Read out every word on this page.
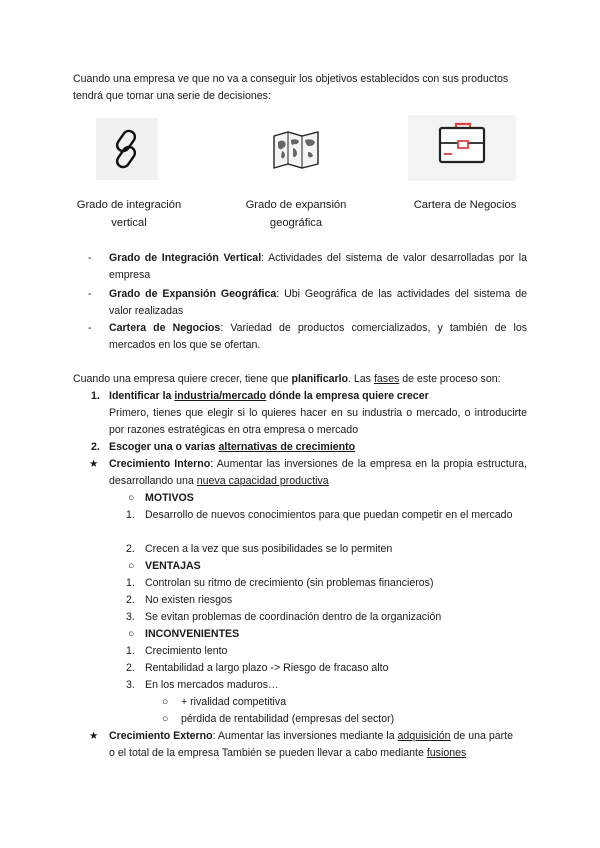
Cuando una empresa ve que no va a conseguir los objetivos establecidos con sus productos
tendrá que tomar una serie de decisiones:
Grado de integración
vertical
Grado de expansión
geográfica
Cartera de Negocios
- Grado de Integración Vertical: Actividades del sistema de valor desarrolladas por la empresa
- Grado de Expansión Geográfica: Ubi Geográfica de las actividades del sistema de valor realizadas
- Cartera de Negocios: Variedad de productos comercializados, y también de los mercados en los que se ofertan.
Cuando una empresa quiere crecer, tiene que planificarlo. Las fases de este proceso son:
1. Identificar la industria/mercado dónde la empresa quiere crecer
Primero, tienes que elegir si lo quieres hacer en su industria o mercado, o introducirte por razones estratégicas en otra empresa o mercado
2. Escoger una o varias alternativas de crecimiento
★ Crecimiento Interno: Aumentar las inversiones de la empresa en la propia estructura, desarrollando una nueva capacidad productiva
○ MOTIVOS
1. Desarrollo de nuevos conocimientos para que puedan competir en el mercado
2. Crecen a la vez que sus posibilidades se lo permiten
○ VENTAJAS
1. Controlan su ritmo de crecimiento (sin problemas financieros)
2. No existen riesgos
3. Se evitan problemas de coordinación dentro de la organización
○ INCONVENIENTES
1. Crecimiento lento
2. Rentabilidad a largo plazo -> Riesgo de fracaso alto
3. En los mercados maduros…
○ + rivalidad competitiva
○ pérdida de rentabilidad (empresas del sector)
★ Crecimiento Externo: Aumentar las inversiones mediante la adquisición de una parte
o el total de la empresa También se pueden llevar a cabo mediante fusiones
